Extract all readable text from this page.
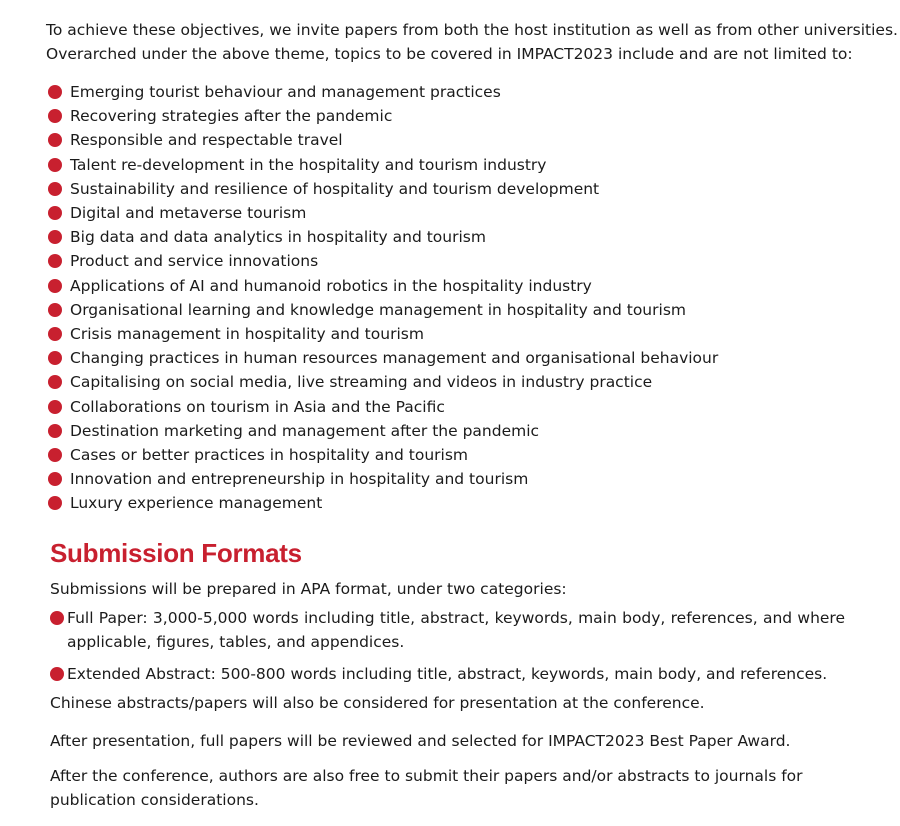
To achieve these objectives, we invite papers from both the host institution as well as from other universities.

Overarched under the above theme, topics to be covered in IMPACT2023 include and are not limited to:

Emerging tourist behaviour and management practices
Recovering strategies after the pandemic
Responsible and respectable travel
Talent re-development in the hospitality and tourism industry
Sustainability and resilience of hospitality and tourism development
Digital and metaverse tourism
Big data and data analytics in hospitality and tourism
Product and service innovations
Applications of AI and humanoid robotics in the hospitality industry
Organisational learning and knowledge management in hospitality and tourism
Crisis management in hospitality and tourism
Changing practices in human resources management and organisational behaviour
Capitalising on social media, live streaming and videos in industry practice
Collaborations on tourism in Asia and the Pacific
Destination marketing and management after the pandemic
Cases or better practices in hospitality and tourism
Innovation and entrepreneurship in hospitality and tourism
Luxury experience management
Submission Formats

Submissions will be prepared in APA format, under two categories:

Full Paper: 3,000-5,000 words including title, abstract, keywords, main body, references, and where applicable, figures, tables, and appendices.
Extended Abstract: 500-800 words including title, abstract, keywords, main body, and references.

Chinese abstracts/papers will also be considered for presentation at the conference.

After presentation, full papers will be reviewed and selected for IMPACT2023 Best Paper Award.

After the conference, authors are also free to submit their papers and/or abstracts to journals for publication considerations.
